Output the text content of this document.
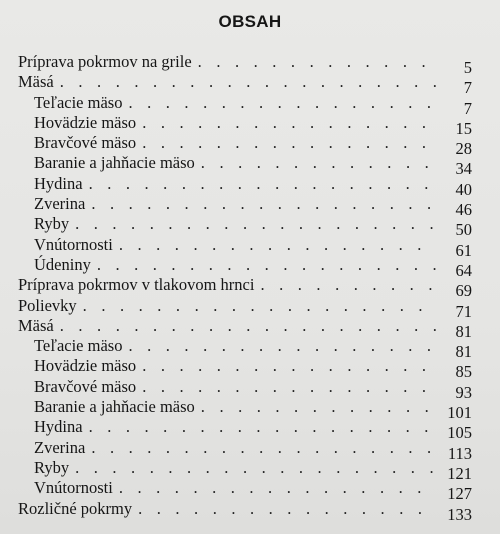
OBSAH
Príprava pokrmov na grile . . .	5
Mäsá . . .	7
Teľacie mäso . . .	7
Hovädzie mäso . . .	15
Bravčové mäso . . .	28
Baranie a jahňacie mäso . . .	34
Hydina . . .	40
Zverina . . .	46
Ryby . . .	50
Vnútornosti . . .	61
Údeniny . . .	64
Príprava pokrmov v tlakovom hrnci . . .	69
Polievky . . .	71
Mäsá . . .	81
Teľacie mäso . . .	81
Hovädzie mäso . . .	85
Bravčové mäso . . .	93
Baranie a jahňacie mäso . . .	101
Hydina . . .	105
Zverina . . .	113
Ryby . . .	121
Vnútornosti . . .	127
Rozličné pokrmy . . .	133
